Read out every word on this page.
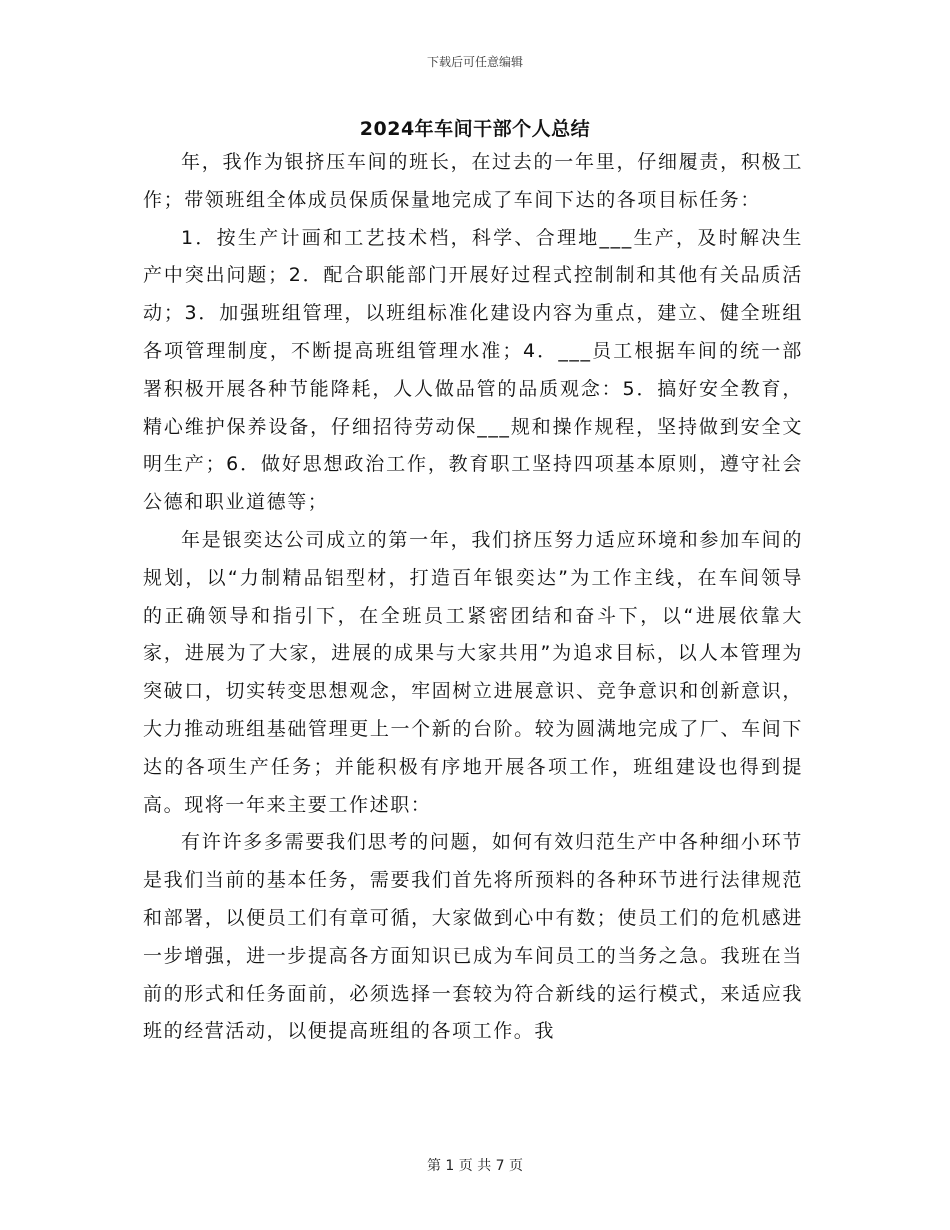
下载后可任意编辑
2024年车间干部个人总结

年，我作为银挤压车间的班长，在过去的一年里，仔细履责，积极工作；带领班组全体成员保质保量地完成了车间下达的各项目标任务：

1．按生产计画和工艺技术档，科学、合理地___生产，及时解决生产中突出问题；2．配合职能部门开展好过程式控制制和其他有关品质活动；3．加强班组管理，以班组标准化建设内容为重点，建立、健全班组各项管理制度，不断提高班组管理水准；4．___员工根据车间的统一部署积极开展各种节能降耗，人人做品管的品质观念：5．搞好安全教育，精心维护保养设备，仔细招待劳动保___规和操作规程，坚持做到安全文明生产；6．做好思想政治工作，教育职工坚持四项基本原则，遵守社会公德和职业道德等；

年是银奕达公司成立的第一年，我们挤压努力适应环境和参加车间的规划，以“力制精品铝型材，打造百年银奕达”为工作主线，在车间领导的正确领导和指引下，在全班员工紧密团结和奋斗下，以“进展依靠大家，进展为了大家，进展的成果与大家共用”为追求目标，以人本管理为突破口，切实转变思想观念，牢固树立进展意识、竞争意识和创新意识，大力推动班组基础管理更上一个新的台阶。较为圆满地完成了厂、车间下达的各项生产任务；并能积极有序地开展各项工作，班组建设也得到提高。现将一年来主要工作述职：

有许许多多需要我们思考的问题，如何有效归范生产中各种细小环节是我们当前的基本任务，需要我们首先将所预料的各种环节进行法律规范和部署，以便员工们有章可循，大家做到心中有数；使员工们的危机感进一步增强，进一步提高各方面知识已成为车间员工的当务之急。我班在当前的形式和任务面前，必须选择一套较为符合新线的运行模式，来适应我班的经营活动，以便提高班组的各项工作。我

第 1 页 共 7 页
